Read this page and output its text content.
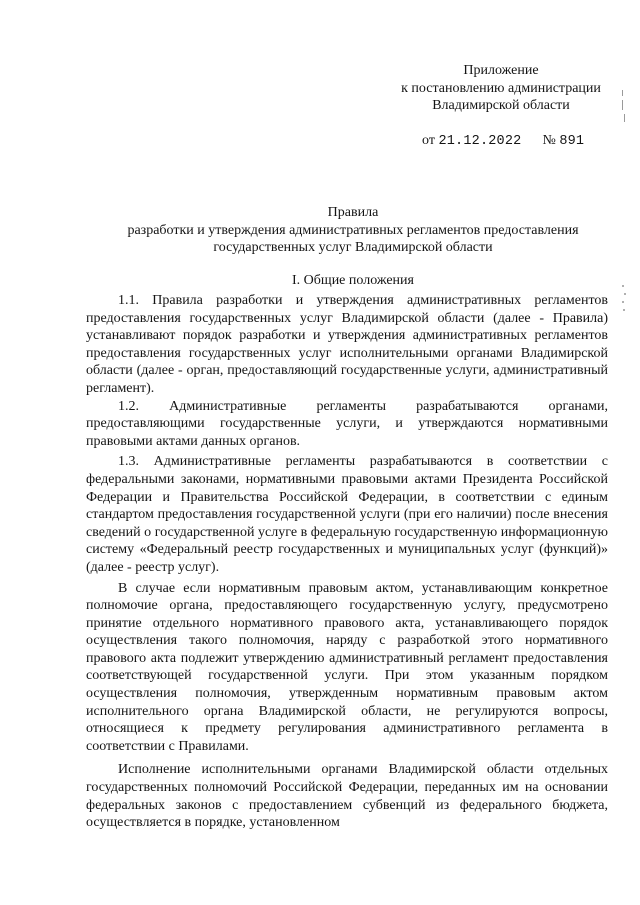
Приложение
к постановлению администрации
Владимирской области
от 21.12.2022 № 891
Правила
разработки и утверждения административных регламентов предоставления
государственных услуг Владимирской области
I. Общие положения

1.1. Правила разработки и утверждения административных регламентов предоставления государственных услуг Владимирской области (далее - Правила) устанавливают порядок разработки и утверждения административных регламентов предоставления государственных услуг исполнительными органами Владимирской области (далее - орган, предоставляющий государственные услуги, административный регламент).

1.2. Административные регламенты разрабатываются органами, предоставляющими государственные услуги, и утверждаются нормативными правовыми актами данных органов.

1.3. Административные регламенты разрабатываются в соответствии с федеральными законами, нормативными правовыми актами Президента Российской Федерации и Правительства Российской Федерации, в соответствии с единым стандартом предоставления государственной услуги (при его наличии) после внесения сведений о государственной услуге в федеральную государственную информационную систему «Федеральный реестр государственных и муниципальных услуг (функций)» (далее - реестр услуг).

В случае если нормативным правовым актом, устанавливающим конкретное полномочие органа, предоставляющего государственную услугу, предусмотрено принятие отдельного нормативного правового акта, устанавливающего порядок осуществления такого полномочия, наряду с разработкой этого нормативного правового акта подлежит утверждению административный регламент предоставления соответствующей государственной услуги. При этом указанным порядком осуществления полномочия, утвержденным нормативным правовым актом исполнительного органа Владимирской области, не регулируются вопросы, относящиеся к предмету регулирования административного регламента в соответствии с Правилами.

Исполнение исполнительными органами Владимирской области отдельных государственных полномочий Российской Федерации, переданных им на основании федеральных законов с предоставлением субвенций из федерального бюджета, осуществляется в порядке, установленном
